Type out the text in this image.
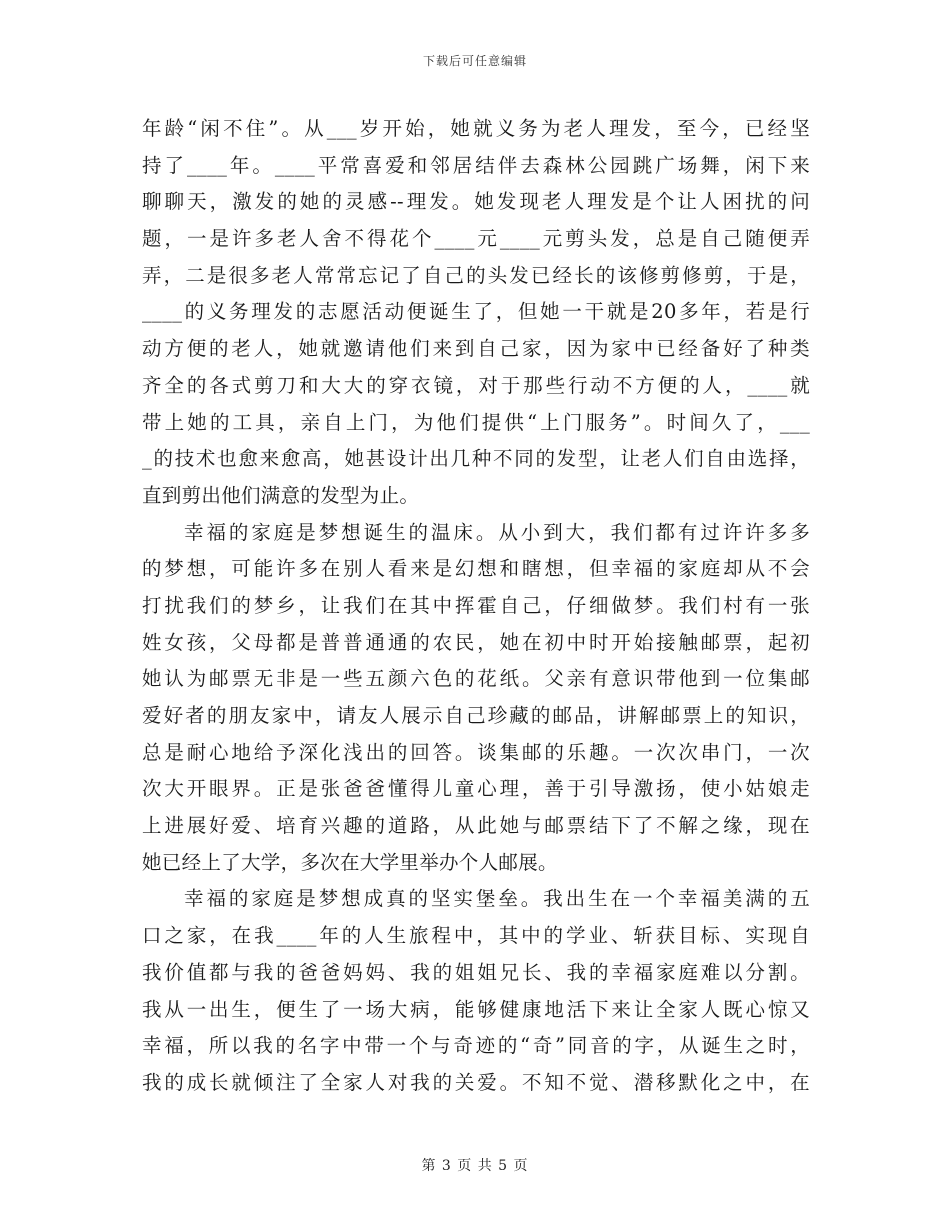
下载后可任意编辑
年龄“闲不住”。从___岁开始，她就义务为老人理发，至今，已经坚
持了____年。____平常喜爱和邻居结伴去森林公园跳广场舞，闲下来
聊聊天，激发的她的灵感--理发。她发现老人理发是个让人困扰的问
题，一是许多老人舍不得花个____元____元剪头发，总是自己随便弄
弄，二是很多老人常常忘记了自己的头发已经长的该修剪修剪，于是，
____的义务理发的志愿活动便诞生了，但她一干就是20多年，若是行
动方便的老人，她就邀请他们来到自己家，因为家中已经备好了种类
齐全的各式剪刀和大大的穿衣镜，对于那些行动不方便的人，____就
带上她的工具，亲自上门，为他们提供“上门服务”。时间久了，___
_的技术也愈来愈高，她甚设计出几种不同的发型，让老人们自由选择，
直到剪出他们满意的发型为止。
幸福的家庭是梦想诞生的温床。从小到大，我们都有过许许多多
的梦想，可能许多在别人看来是幻想和瞎想，但幸福的家庭却从不会
打扰我们的梦乡，让我们在其中挥霍自己，仔细做梦。我们村有一张
姓女孩，父母都是普普通通的农民，她在初中时开始接触邮票，起初
她认为邮票无非是一些五颜六色的花纸。父亲有意识带他到一位集邮
爱好者的朋友家中，请友人展示自己珍藏的邮品，讲解邮票上的知识，
总是耐心地给予深化浅出的回答。谈集邮的乐趣。一次次串门，一次
次大开眼界。正是张爸爸懂得儿童心理，善于引导激扬，使小姑娘走
上进展好爱、培育兴趣的道路，从此她与邮票结下了不解之缘，现在
她已经上了大学，多次在大学里举办个人邮展。
幸福的家庭是梦想成真的坚实堡垒。我出生在一个幸福美满的五
口之家，在我____年的人生旅程中，其中的学业、斩获目标、实现自
我价值都与我的爸爸妈妈、我的姐姐兄长、我的幸福家庭难以分割。
我从一出生，便生了一场大病，能够健康地活下来让全家人既心惊又
幸福，所以我的名字中带一个与奇迹的“奇”同音的字，从诞生之时，
我的成长就倾注了全家人对我的关爱。不知不觉、潜移默化之中，在
第 3 页 共 5 页
